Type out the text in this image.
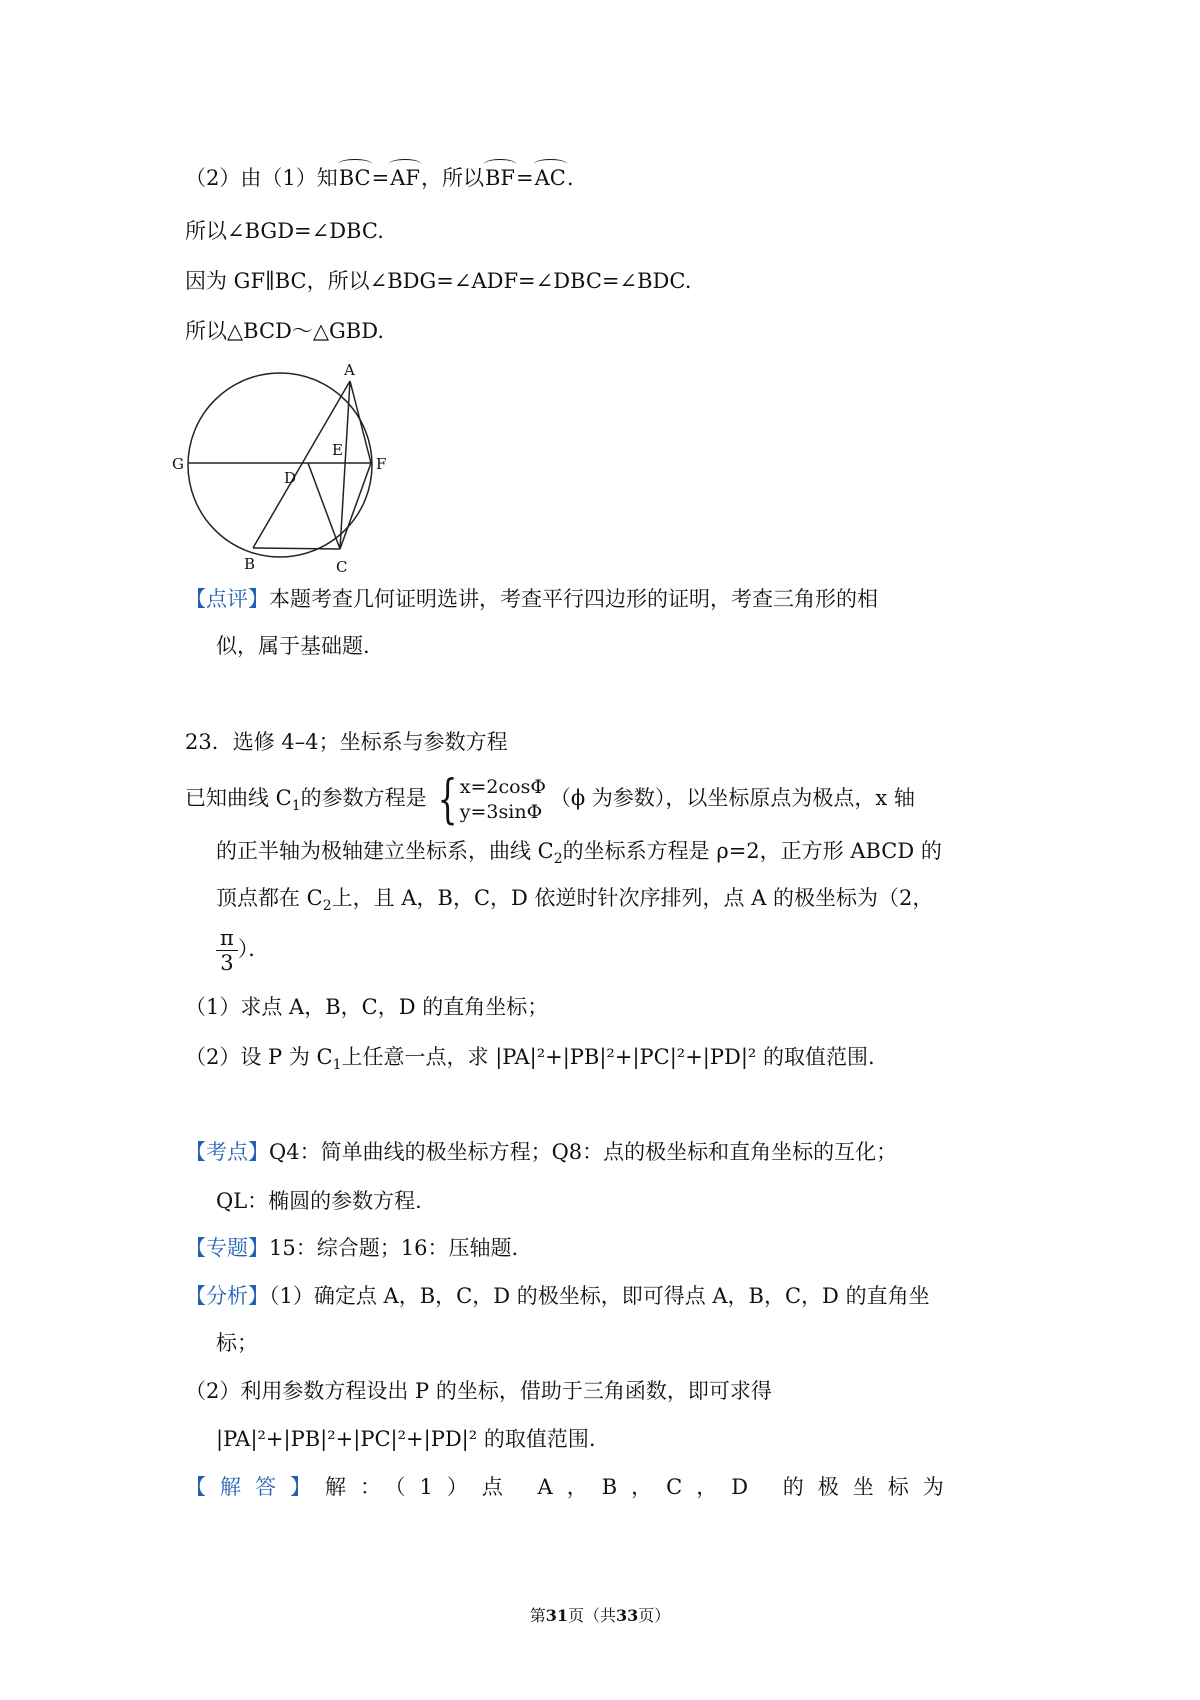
（2）由（1）知BC=AF，所以BF=AC.
所以∠BGD=∠DBC.
因为 GF∥BC，所以∠BDG=∠ADF=∠DBC=∠BDC.
所以△BCD～△GBD.
A
G
D
E
F
B	C
【点评】本题考查几何证明选讲，考查平行四边形的证明，考查三角形的相
似，属于基础题.
23．选修 4–4；坐标系与参数方程
已知曲线 $C_1$的参数方程是 { x=2cosΦ
y=3sinΦ
（ϕ 为参数），以坐标原点为极点，x 轴
的正半轴为极轴建立坐标系，曲线 $C_2$的坐标系方程是 ρ=2，正方形 ABCD 的
顶点都在 $C_2$上，且 A，B，C，D 依逆时针次序排列，点 A 的极坐标为（2，
$\frac{\pi}{3}$ ）．
（1）求点 A，B，C，D 的直角坐标；
（2）设 P 为 $C_1$上任意一点，求 |PA|²+|PB|²+|PC|²+|PD|² 的取值范围.
【考点】Q4：简单曲线的极坐标方程；Q8：点的极坐标和直角坐标的互化；
QL：椭圆的参数方程.
【专题】15：综合题；16：压轴题.
【分析】（1）确定点 A，B，C，D 的极坐标，即可得点 A，B，C，D 的直角坐
标；
（2）利用参数方程设出 P 的坐标，借助于三角函数，即可求得
|PA|²+|PB|²+|PC|²+|PD|² 的取值范围.
【解答】解：（1）点 A，B，C，D 的极坐标为
第31页（共33页）
